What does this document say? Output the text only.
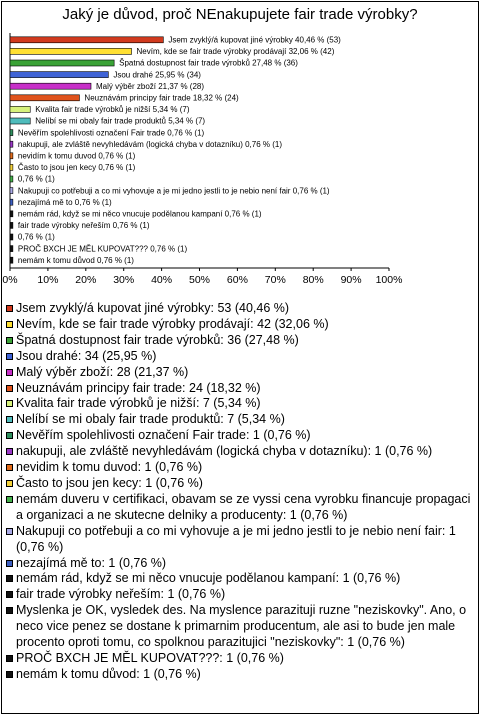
Jaký je důvod, proč NEnakupujete fair trade výrobky?
Jsem zvyklý/á kupovat jiné výrobky 40,46 % (53)
Nevím, kde se fair trade výrobky prodávají 32,06 % (42)
Špatná dostupnost fair trade výrobků 27,48 % (36)
Jsou drahé 25,95 % (34)
Malý výběr zboží 21,37 % (28)
Neuznávám principy fair trade 18,32 % (24)
Kvalita fair trade výrobků je nižší 5,34 % (7)
Nelíbí se mi obaly fair trade produktů 5,34 % (7)
Nevěřím spolehlivosti označení Fair trade 0,76 % (1)
nakupuji, ale zvláště nevyhledávám (logická chyba v dotazníku) 0,76 % (1)
nevidím k tomu duvod 0,76 % (1)
Často to jsou jen kecy 0,76 % (1)
0,76 % (1)
Nakupuji co potřebuji a co mi vyhovuje a je mi jedno jestli to je nebio není fair 0,76 % (1)
nezajímá mě to 0,76 % (1)
nemám rád, když se mi něco vnucuje podělanou kampaní 0,76 % (1)
fair trade výrobky neřeším 0,76 % (1)
0,76 % (1)
PROČ BXCH JE MĚL KUPOVAT??? 0,76 % (1)
nemám k tomu důvod 0,76 % (1)
0% 10% 20% 30% 40% 50% 60% 70% 80% 90% 100%
Jsem zvyklý/á kupovat jiné výrobky: 53 (40,46 %)
Nevím, kde se fair trade výrobky prodávají: 42 (32,06 %)
Špatná dostupnost fair trade výrobků: 36 (27,48 %)
Jsou drahé: 34 (25,95 %)
Malý výběr zboží: 28 (21,37 %)
Neuznávám principy fair trade: 24 (18,32 %)
Kvalita fair trade výrobků je nižší: 7 (5,34 %)
Nelíbí se mi obaly fair trade produktů: 7 (5,34 %)
Nevěřím spolehlivosti označení Fair trade: 1 (0,76 %)
nakupuji, ale zvláště nevyhledávám (logická chyba v dotazníku): 1 (0,76 %)
nevidim k tomu duvod: 1 (0,76 %)
Často to jsou jen kecy: 1 (0,76 %)
nemám duveru v certifikaci, obavam se ze vyssi cena vyrobku financuje propagaci a organizaci a ne skutecne delniky a producenty: 1 (0,76 %)
Nakupuji co potřebuji a co mi vyhovuje a je mi jedno jestli to je nebio není fair: 1 (0,76 %)
nezajímá mě to: 1 (0,76 %)
nemám rád, když se mi něco vnucuje podělanou kampaní: 1 (0,76 %)
fair trade výrobky neřeším: 1 (0,76 %)
Myslenka je OK, vysledek des. Na myslence parazituji ruzne "neziskovky". Ano, o neco vice penez se dostane k primarnim producentum, ale asi to bude jen male procento oproti tomu, co spolknou parazitujici "neziskovky": 1 (0,76 %)
PROČ BXCH JE MĚL KUPOVAT???: 1 (0,76 %)
nemám k tomu důvod: 1 (0,76 %)
